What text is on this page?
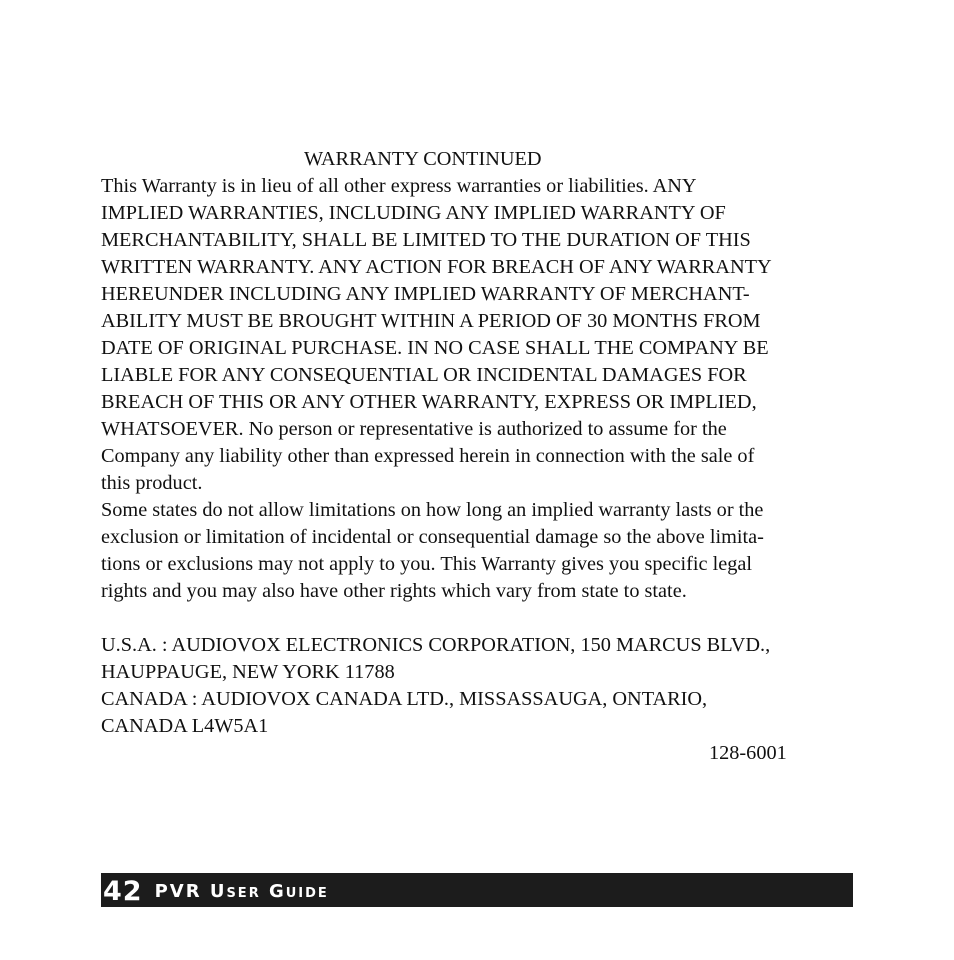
WARRANTY CONTINUED
This Warranty is in lieu of all other express warranties or liabilities. ANY
IMPLIED WARRANTIES, INCLUDING ANY IMPLIED WARRANTY OF
MERCHANTABILITY, SHALL BE LIMITED TO THE DURATION OF THIS
WRITTEN WARRANTY. ANY ACTION FOR BREACH OF ANY WARRANTY
HEREUNDER INCLUDING ANY IMPLIED WARRANTY OF MERCHANT-
ABILITY MUST BE BROUGHT WITHIN A PERIOD OF 30 MONTHS FROM
DATE OF ORIGINAL PURCHASE. IN NO CASE SHALL THE COMPANY BE
LIABLE FOR ANY CONSEQUENTIAL OR INCIDENTAL DAMAGES FOR
BREACH OF THIS OR ANY OTHER WARRANTY, EXPRESS OR IMPLIED,
WHATSOEVER. No person or representative is authorized to assume for the
Company any liability other than expressed herein in connection with the sale of
this product.
Some states do not allow limitations on how long an implied warranty lasts or the
exclusion or limitation of incidental or consequential damage so the above limita-
tions or exclusions may not apply to you. This Warranty gives you specific legal
rights and you may also have other rights which vary from state to state.
U.S.A. : AUDIOVOX ELECTRONICS CORPORATION, 150 MARCUS BLVD.,
HAUPPAUGE, NEW YORK 11788
CANADA : AUDIOVOX CANADA LTD., MISSASSAUGA, ONTARIO,
CANADA L4W5A1
128-6001
42 PVR User Guide
